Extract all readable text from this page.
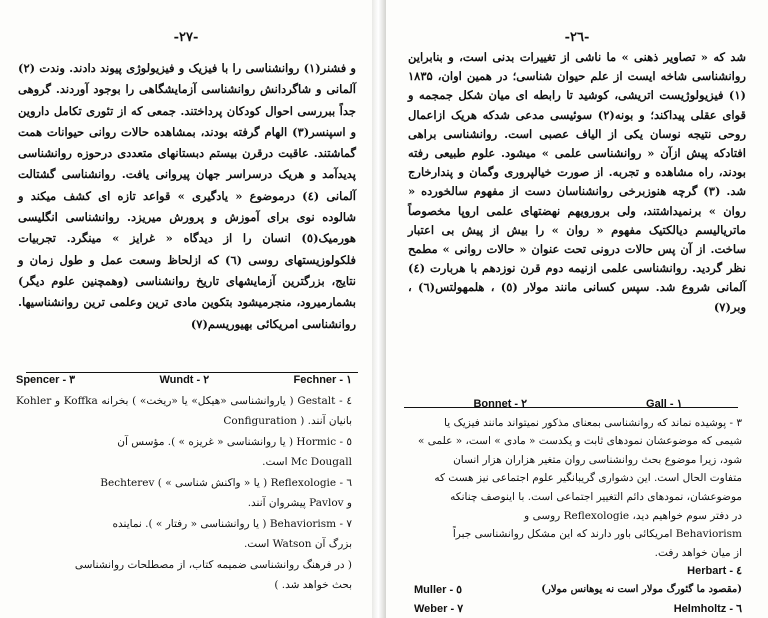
-۲۷-
و فشنر(۱) روانشناسی را با فیزیک و فیزیولوژی پیوند دادند. وندت (۲) آلمانی و شاگردانش روانشناسی آزمایشگاهی را بوجود آوردند. گروهی جداً ببررسی احوال کودکان پرداختند. جمعی که از تئوری تکامل داروین و اسپنسر(۳) الهام گرفته بودند، بمشاهده حالات روانی حیوانات همت گماشتند. عاقبت درقرن بیستم دبستانهای متعددی درحوزه روانشناسی پدیدآمد و هریک درسراسر جهان پیروانی یافت. روانشناسی گشتالت آلمانی (٤) درموضوع « یادگیری » قواعد تازه ای کشف میکند و شالوده نوی برای آموزش و پرورش میریزد. روانشناسی انگلیسی هورمیک(٥) انسان را از دیدگاه « غرایز » مینگرد. تجربیات فلکولوزیستهای روسی (٦) که ازلحاظ وسعت عمل و طول زمان و نتایج، بزرگترین آزمایشهای تاریخ روانشناسی (وهمچنین علوم دیگر) بشمارمیرود، منجرمیشود بتکوین مادی ترین وعلمی ترین روانشناسیها. روانشناسی امریکائی بهیوریسم(۷)
Spencer - ۳	Wundt - ۲	Fechner - ۱

٤ - Gestalt ( یاروانشناسی «هیکل» یا «ریخت» ) بخرانه Koffka و Kohler بانیان آنند. ( Configuration

٥ - Hormic ( یا روانشناسی « غریزه » ). مؤسس آن

Mc Dougall است.

٦ - Reflexologie ( یا « واکنش شناسی » ) Bechterev

و Pavlov پیشروان آنند.

۷ - Behaviorism ( یا روانشناسی « رفتار » ). نماینده

بزرگ آن Watson است.

( در فرهنگ روانشناسی ضمیمه کتاب، از مصطلحات روانشناسی

بحث خواهد شد. )

-۲٦-
شد که « تصاویر ذهنی » ما ناشی از تغییرات بدنی است، و بنابراین روانشناسی شاخه ایست از علم حیوان شناسی؛ در همین اوان، ۱۸۳۵ (۱) فیزیولوژیست اتریشی، کوشید تا رابطه ای میان شکل جمجمه و قوای عقلی پیداکند؛ و بونه(۲) سوئیسی مدعی شدکه هریک ازاعمال روحی نتیجه نوسان یکی از الیاف عصبی است. روانشناسی براهی افتادکه پیش ازآن « روانشناسی علمی » میشود. علوم طبیعی رفته بودند، راه مشاهده و تجربه. از صورت خیالپروری وگمان و پندارخارج شد. (۳) گرچه هنوزبرخی روانشناسان دست از مفهوم سالخورده « روان » برنمیداشتند، ولی برورویهم نهضتهای علمی اروپا مخصوصاً ماتریالیسم دیالکتیک مفهوم « روان » را بیش از پیش بی اعتبار ساخت. از آن پس حالات درونی تحت عنوان « حالات روانی » مطمح نظر گردید. روانشناسی علمی ازنیمه دوم قرن نوزدهم با هربارت (٤) آلمانی شروع شد. سپس کسانی مانند مولار (٥) ، هلمهولتس(٦) ، وبر(۷)
Bonnet - ۲	Gall - ۱

۳ - پوشیده نماند که روانشناسی بمعنای مذکور نمیتواند مانند فیزیک یا

شیمی که موضوعشان نمودهای ثابت و یکدست « مادی » است، « علمی »

شود، زیرا موضوع بحث روانشناسی روان متغیر هزاران هزار انسان

متفاوت الحال است. این دشواری گریبانگیر علوم اجتماعی نیز هست که

موضوعشان، نمودهای دائم التغییر اجتماعی است. با اینوصف چنانکه

در دفتر سوم خواهیم دید، Reflexologie روسی و

Behaviorism امریکائی باور دارند که این مشکل روانشناسی جبراً

از میان خواهد رفت.

Herbart - ٤
Muller - ٥	(مقصود ما گئورگ مولار است نه یوهانس مولار)
Weber - ۷	Helmholtz - ٦
